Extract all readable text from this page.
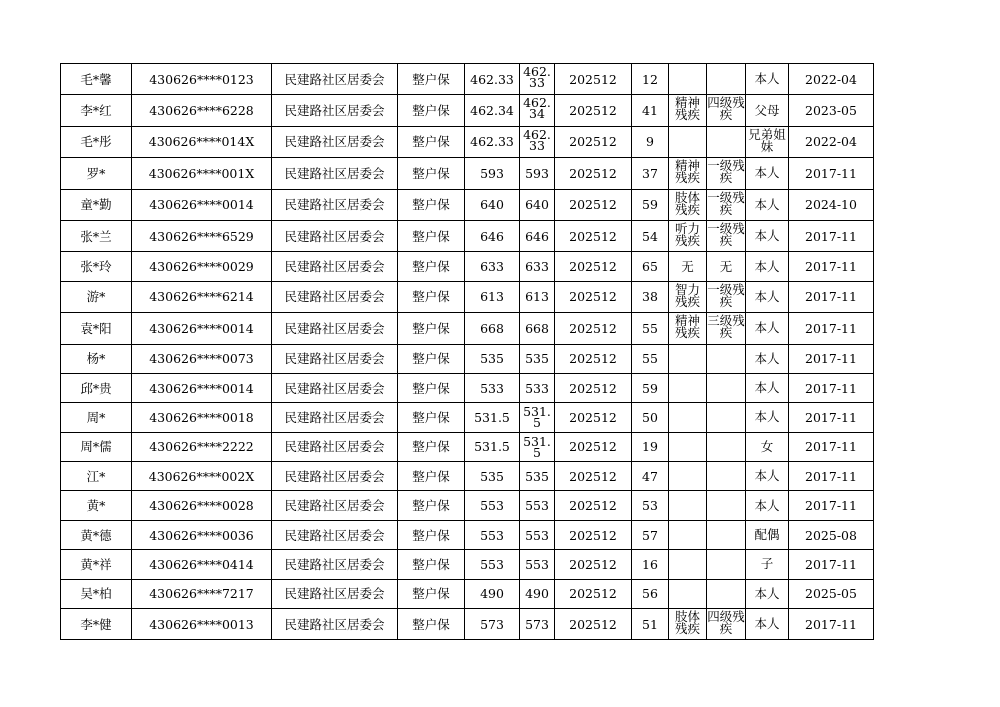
毛*馨	430626****0123	民建路社区居委会	整户保	462.33	462.33	202512	12			本人	2022-04
李*红	430626****6228	民建路社区居委会	整户保	462.34	462.34	202512	41	精神残疾	四级残疾	父母	2023-05
毛*彤	430626****014X	民建路社区居委会	整户保	462.33	462.33	202512	9			兄弟姐妹	2022-04
罗*	430626****001X	民建路社区居委会	整户保	593	593	202512	37	精神残疾	一级残疾	本人	2017-11
童*勤	430626****0014	民建路社区居委会	整户保	640	640	202512	59	肢体残疾	一级残疾	本人	2024-10
张*兰	430626****6529	民建路社区居委会	整户保	646	646	202512	54	听力残疾	一级残疾	本人	2017-11
张*玲	430626****0029	民建路社区居委会	整户保	633	633	202512	65	无	无	本人	2017-11
游*	430626****6214	民建路社区居委会	整户保	613	613	202512	38	智力残疾	一级残疾	本人	2017-11
袁*阳	430626****0014	民建路社区居委会	整户保	668	668	202512	55	精神残疾	三级残疾	本人	2017-11
杨*	430626****0073	民建路社区居委会	整户保	535	535	202512	55			本人	2017-11
邱*贵	430626****0014	民建路社区居委会	整户保	533	533	202512	59			本人	2017-11
周*	430626****0018	民建路社区居委会	整户保	531.5	531.5	202512	50			本人	2017-11
周*儒	430626****2222	民建路社区居委会	整户保	531.5	531.5	202512	19			女	2017-11
江*	430626****002X	民建路社区居委会	整户保	535	535	202512	47			本人	2017-11
黄*	430626****0028	民建路社区居委会	整户保	553	553	202512	53			本人	2017-11
黄*德	430626****0036	民建路社区居委会	整户保	553	553	202512	57			配偶	2025-08
黄*祥	430626****0414	民建路社区居委会	整户保	553	553	202512	16			子	2017-11
吴*柏	430626****7217	民建路社区居委会	整户保	490	490	202512	56			本人	2025-05
李*健	430626****0013	民建路社区居委会	整户保	573	573	202512	51	肢体残疾	四级残疾	本人	2017-11
